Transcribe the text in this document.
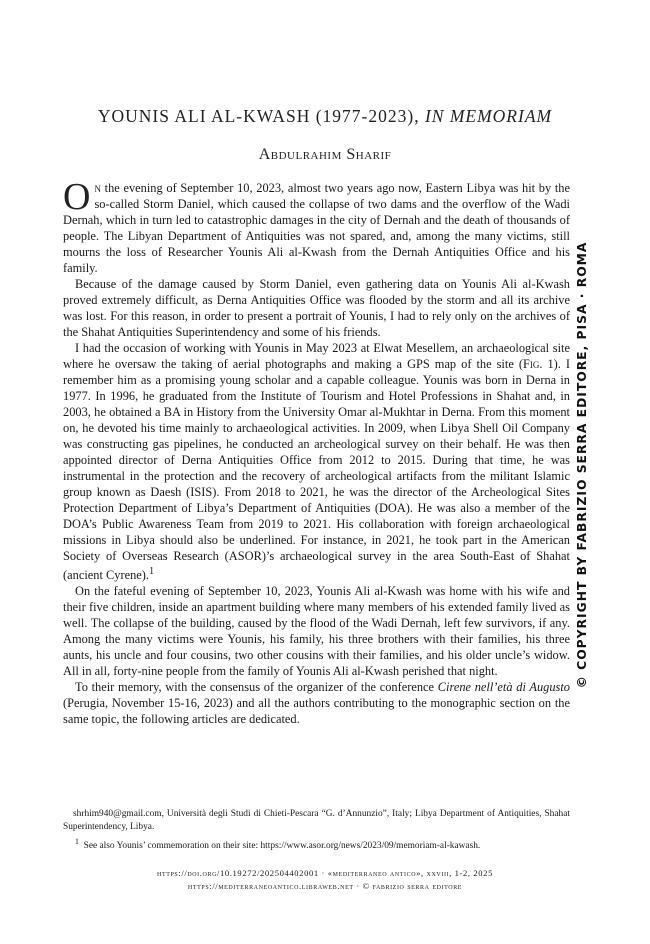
YOUNIS ALI AL-KWASH (1977-2023), IN MEMORIAM
Abdulrahim Sharif

On the evening of September 10, 2023, almost two years ago now, Eastern Libya was hit by the so-called Storm Daniel, which caused the collapse of two dams and the overflow of the Wadi Dernah, which in turn led to catastrophic damages in the city of Dernah and the death of thousands of people. The Libyan Department of Antiquities was not spared, and, among the many victims, still mourns the loss of Researcher Younis Ali al-Kwash from the Dernah Antiquities Office and his family.

Because of the damage caused by Storm Daniel, even gathering data on Younis Ali al-Kwash proved extremely difficult, as Derna Antiquities Office was flooded by the storm and all its archive was lost. For this reason, in order to present a portrait of Younis, I had to rely only on the archives of the Shahat Antiquities Superintendency and some of his friends.

I had the occasion of working with Younis in May 2023 at Elwat Mesellem, an archaeological site where he oversaw the taking of aerial photographs and making a GPS map of the site (Fig. 1). I remember him as a promising young scholar and a capable colleague. Younis was born in Derna in 1977. In 1996, he graduated from the Institute of Tourism and Hotel Professions in Shahat and, in 2003, he obtained a BA in History from the University Omar al-Mukhtar in Derna. From this moment on, he devoted his time mainly to archaeological activities. In 2009, when Libya Shell Oil Company was constructing gas pipelines, he conducted an archeological survey on their behalf. He was then appointed director of Derna Antiquities Office from 2012 to 2015. During that time, he was instrumental in the protection and the recovery of archeological artifacts from the militant Islamic group known as Daesh (ISIS). From 2018 to 2021, he was the director of the Archeological Sites Protection Department of Libya’s Department of Antiquities (DOA). He was also a member of the DOA’s Public Awareness Team from 2019 to 2021. His collaboration with foreign archaeological missions in Libya should also be underlined. For instance, in 2021, he took part in the American Society of Overseas Research (ASOR)’s archaeological survey in the area South-East of Shahat (ancient Cyrene).$^1$

On the fateful evening of September 10, 2023, Younis Ali al-Kwash was home with his wife and their five children, inside an apartment building where many members of his extended family lived as well. The collapse of the building, caused by the flood of the Wadi Dernah, left few survivors, if any. Among the many victims were Younis, his family, his three brothers with their families, his three aunts, his uncle and four cousins, two other cousins with their families, and his older uncle’s widow. All in all, forty-nine people from the family of Younis Ali al-Kwash perished that night.

To their memory, with the consensus of the organizer of the conference Cirene nell’età di Augusto (Perugia, November 15-16, 2023) and all the authors contributing to the monographic section on the same topic, the following articles are dedicated.

shrhim940@gmail.com, Università degli Studi di Chieti-Pescara “G. d’Annunzio”, Italy; Libya Department of Antiquities, Shahat Superintendency, Libya.

$^1$ See also Younis’ commemoration on their site: https://www.asor.org/news/2023/09/memoriam-al-kawash.

https://doi.org/10.19272/202504402001 · «mediterraneo antico», xxviii, 1-2, 2025
https://mediterraneoantico.libraweb.net · © fabrizio serra editore
© COPYRIGHT BY FABRIZIO SERRA EDITORE, PISA · ROMA
